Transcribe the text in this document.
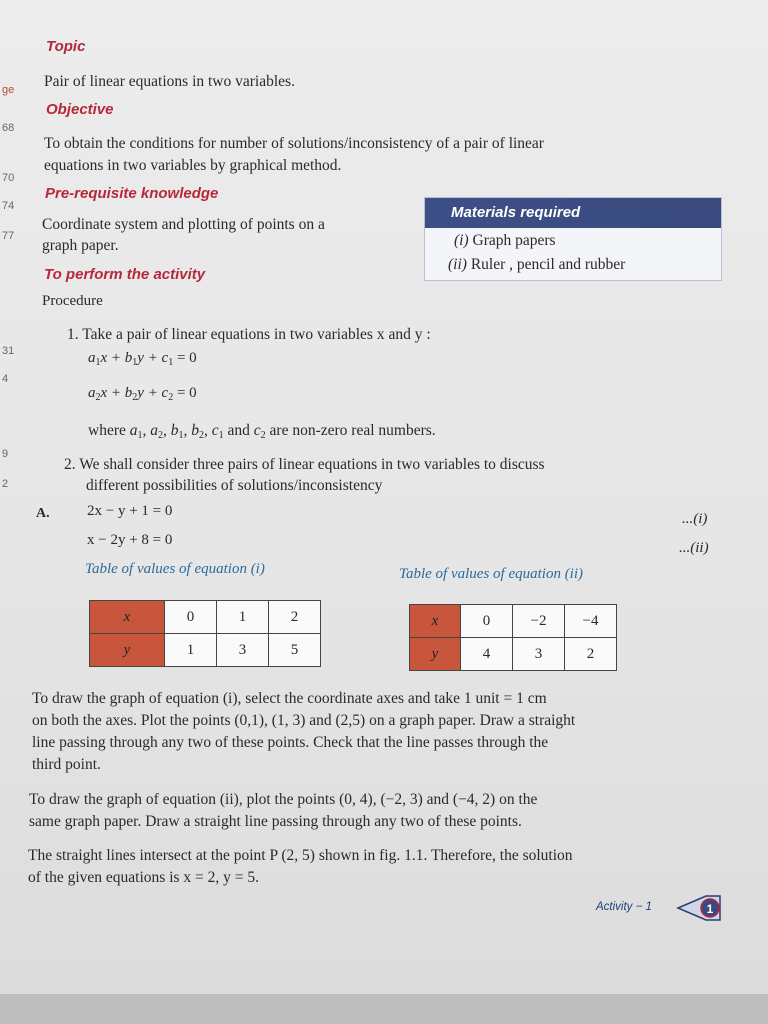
ge
68
70
74
77
31
4
9
2
Topic
Pair of linear equations in two variables.
Objective
To obtain the conditions for number of solutions/inconsistency of a pair of linear
equations in two variables by graphical method.
Pre-requisite knowledge
Coordinate system and plotting of points on a
graph paper.
Materials required
(i) Graph papers
(ii) Ruler , pencil and rubber
To perform the activity
Procedure
1. Take a pair of linear equations in two variables x and y :
$a_1x + b_1y + c_1 = 0$
$a_2x + b_2y + c_2 = 0$
where $a_1$, $a_2$, $b_1$, $b_2$, $c_1$ and $c_2$ are non-zero real numbers.
2. We shall consider three pairs of linear equations in two variables to discuss
different possibilities of solutions/inconsistency
A. 2x − y + 1 = 0	...(i)
x − 2y + 8 = 0	...(ii)
Table of values of equation (i)	Table of values of equation (ii)
x	0	1	2
y	1	3	5
x	0	−2	−4
y	4	3	2
To draw the graph of equation (i), select the coordinate axes and take 1 unit = 1 cm
on both the axes. Plot the points (0,1), (1, 3) and (2,5) on a graph paper. Draw a straight
line passing through any two of these points. Check that the line passes through the
third point.
To draw the graph of equation (ii), plot the points (0, 4), (−2, 3) and (−4, 2) on the
same graph paper. Draw a straight line passing through any two of these points.
The straight lines intersect at the point P (2, 5) shown in fig. 1.1. Therefore, the solution
of the given equations is x = 2, y = 5.
Activity − 1	1
